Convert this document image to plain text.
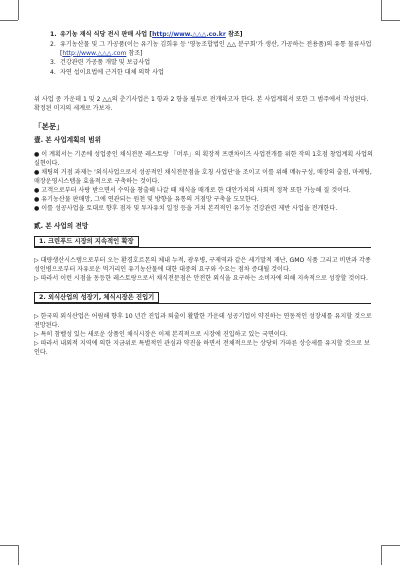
1. 유기농 재식 식당 전시 판매 사업 [http://www.△△△.co.kr 참조]
2. 유기농산물 및 그 가공품(이는 유기농 김희유 등 '영농조합법인 △△ 분구회'가 생산, 가공하는 전용품)의 유통 물류사업 [http://www.△△△.com 참조]
3. 건강관련 가공품 개발 및 보급사업
4. 자연 섭이요법에 근거한 대체 의학 사업

위 사업 중 가운데 1 및 2 △△의 춘기사업은 1 항과 2 항을 필두로 전개하고자 한다. 본 사업계획서 또한 그 범주에서 작성된다. 확정된 미지의 세계로 가보자.

「본문」

壹. 본 사업계획의 범위

● 이 계획서는 기존에 성업중인 채식전문 레스토랑 「머루」의 획장적 프랜차이즈 사업전개를 위한 작의 1호점 창업계획 사업의 실현이다.

● 채팅의 거점 과제는 '외식사업으로서 성공적인 채식전문점을 호칭 사업단'을 조이고 이를 위해 메뉴구성, 매장의 출점, 마케팅, 매장운영시스템을 효율적으로 구축하는 것이다.

● 고객으로부터 사랑 받으면서 수익을 창출해 나갈 때 채식을 매개로 한 대안가치의 사회적 정착 또한 가능해 질 것이다.

● 유기농산물 판매망, 그에 연관되는 원천 및 방향을 유통의 거점망 구축을 도모한다.

● 이를 성공사업을 토대로 향후 점자 및 투자유치 일정 등을 거쳐 본격적인 유기농 건강관련 제반 사업을 전개한다.

貳. 본 사업의 전망

1. 크린푸드 시장의 지속적인 확장

▷ 대량생산시스템으로부터 오는 환경호르몬의 체내 누적, 광우병, 구제역과 같은 세기말적 재난, GMO 식품 그리고 비만과 각종 성인병으로부터 자유로운 먹거리인 유기농산물에 대한 대중의 요구와 수요는 점차 증대될 것이다.

▷ 따라서 이런 시점을 동등한 레스토랑으로서 채식전문점은 안전한 외식을 요구하는 소비자에 의해 지속적으로 성장할 것이다.

2. 외식산업의 성장기, 체식시장은 진입기

▷ 한국의 외식산업은 어림해 향후 10 년간 진입과 퇴출이 활발한 가운데 성공기업이 약진하는 연동적인 성장세를 유지할 것으로 전망된다.

▷ 특히 참벨성 있는 새로운 상품인 채식시장은 이제 본격적으로 시장에 진입하고 있는 국면이다.

▷ 따라서 내외적 지역에 의한 지금위로 특별적인 관심과 약진을 하면서 전체적으로는 상당히 가파른 상승세를 유지할 것으로 보인다.
